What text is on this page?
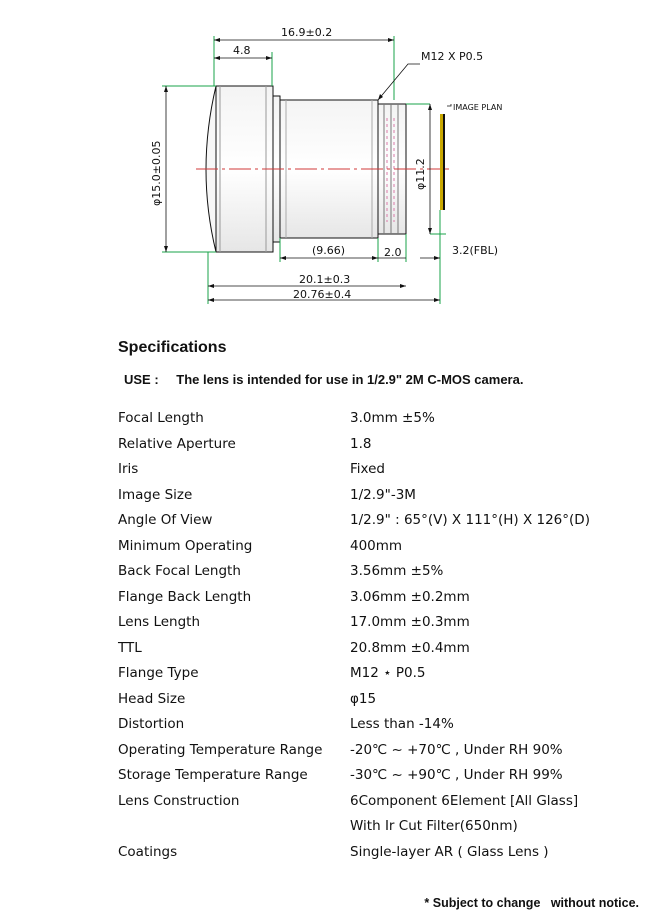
16.9±0.2
4.8	M12 X P0.5
IMAGE PLAN
φ15.0±0.05	φ11.2
(9.66)	2.0	3.2(FBL)
20.1±0.3
20.76±0.4
Specifications
USE : The lens is intended for use in 1/2.9" 2M C-MOS camera.
Focal Length	3.0mm ±5%
Relative Aperture	1.8
Iris	Fixed
Image Size	1/2.9"-3M
Angle Of View	1/2.9" : 65°(V) X 111°(H) X 126°(D)
Minimum Operating	400mm
Back Focal Length	3.56mm ±5%
Flange Back Length	3.06mm ±0.2mm
Lens Length	17.0mm ±0.3mm
TTL	20.8mm ±0.4mm
Flange Type	M12 ⋆ P0.5
Head Size	φ15
Distortion	Less than -14%
Operating Temperature Range -20℃ ~ +70℃ , Under RH 90%
Storage Temperature Range	-30℃ ~ +90℃ , Under RH 99%
Lens Construction	6Component 6Element [All Glass]
With Ir Cut Filter(650nm)
Coatings	Single-layer AR ( Glass Lens )
* Subject to change   without notice.
